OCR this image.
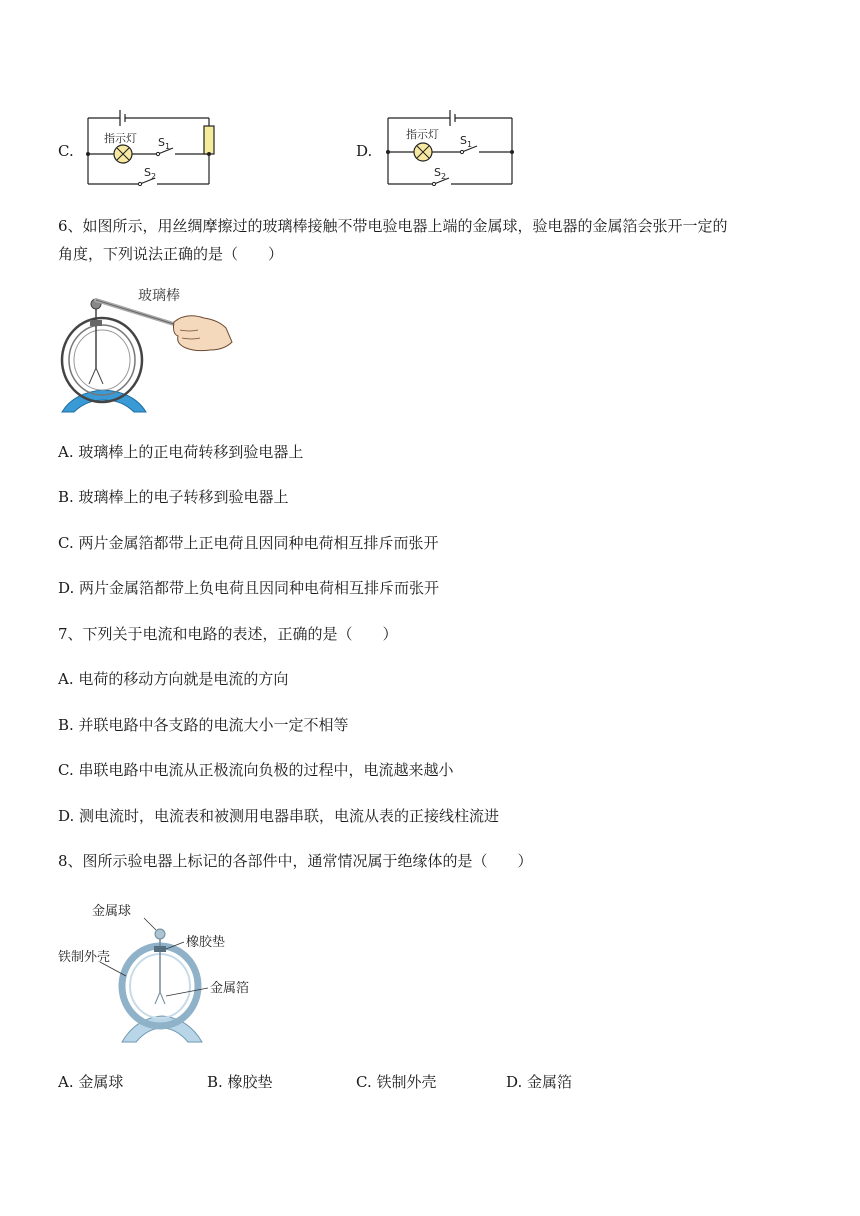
C.
指示灯 $S_1$
$S_2$
D.
指示灯 $S_1$
$S_2$
6、如图所示，用丝绸摩擦过的玻璃棒接触不带电验电器上端的金属球，验电器的金属箔会张开一定的
角度，下列说法正确的是（　　）
玻璃棒
A. 玻璃棒上的正电荷转移到验电器上
B. 玻璃棒上的电子转移到验电器上
C. 两片金属箔都带上正电荷且因同种电荷相互排斥而张开
D. 两片金属箔都带上负电荷且因同种电荷相互排斥而张开
7、下列关于电流和电路的表述，正确的是（　　）
A. 电荷的移动方向就是电流的方向
B. 并联电路中各支路的电流大小一定不相等
C. 串联电路中电流从正极流向负极的过程中，电流越来越小
D. 测电流时，电流表和被测用电器串联，电流从表的正接线柱流进
8、图所示验电器上标记的各部件中，通常情况属于绝缘体的是（　　）
金属球
橡胶垫
铁制外壳
金属箔
A. 金属球	B. 橡胶垫	C. 铁制外壳	D. 金属箔
